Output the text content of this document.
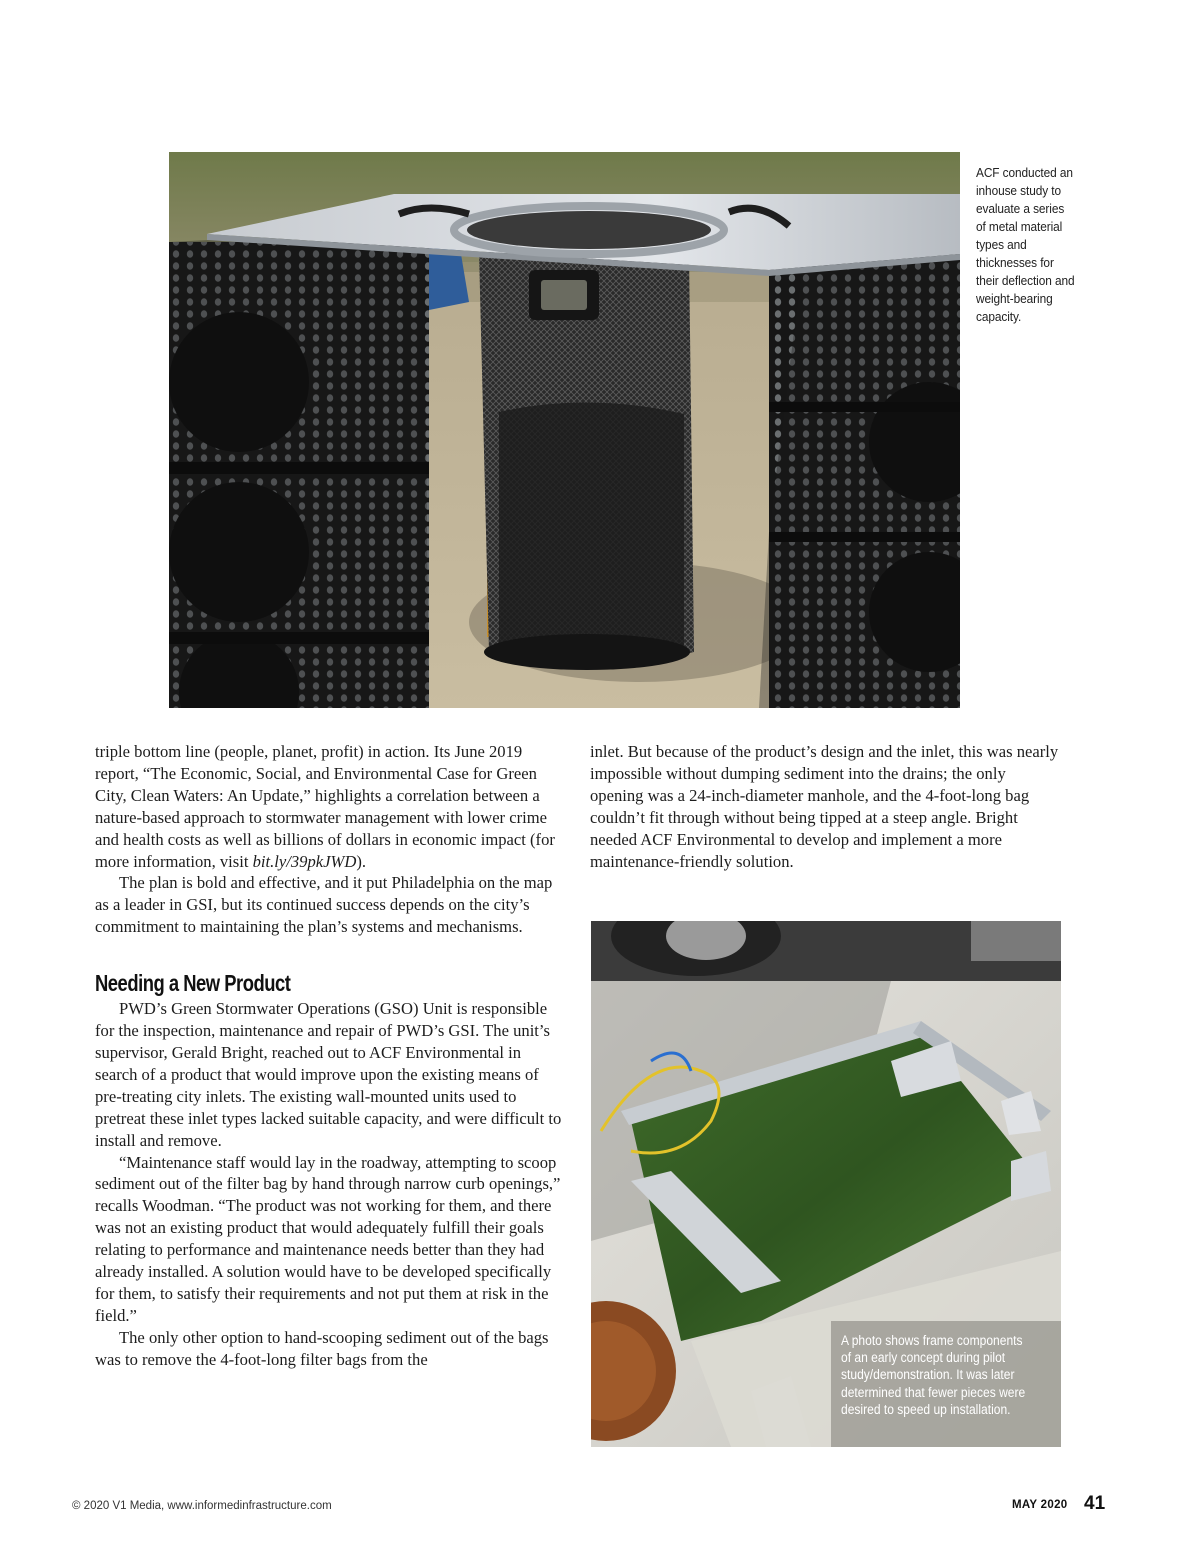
ACF conducted an inhouse study to evaluate a series of metal material types and thicknesses for their deflection and weight-bearing capacity.

triple bottom line (people, planet, profit) in action. Its June 2019 report, “The Economic, Social, and Environmental Case for Green City, Clean Waters: An Update,” highlights a correlation between a nature-based approach to stormwater management with lower crime and health costs as well as billions of dollars in economic impact (for more information, visit bit.ly/39pkJWD).

The plan is bold and effective, and it put Philadelphia on the map as a leader in GSI, but its continued success depends on the city’s commitment to maintaining the plan’s systems and mechanisms.

Needing a New Product

PWD’s Green Stormwater Operations (GSO) Unit is responsible for the inspection, maintenance and repair of PWD’s GSI. The unit’s supervisor, Gerald Bright, reached out to ACF Environmental in search of a product that would improve upon the existing means of pre-treating city inlets. The existing wall-mounted units used to pretreat these inlet types lacked suitable capacity, and were difficult to install and remove.

“Maintenance staff would lay in the roadway, attempting to scoop sediment out of the filter bag by hand through narrow curb openings,” recalls Woodman. “The product was not working for them, and there was not an existing product that would adequately fulfill their goals relating to performance and maintenance needs better than they had already installed. A solution would have to be developed specifically for them, to satisfy their requirements and not put them at risk in the field.”

The only other option to hand-scooping sediment out of the bags was to remove the 4-foot-long filter bags from the

inlet. But because of the product’s design and the inlet, this was nearly impossible without dumping sediment into the drains; the only opening was a 24-inch-diameter manhole, and the 4-foot-long bag couldn’t fit through without being tipped at a steep angle. Bright needed ACF Environmental to develop and implement a more maintenance-friendly solution.

A photo shows frame components of an early concept during pilot study/demonstration. It was later determined that fewer pieces were desired to speed up installation.
© 2020 V1 Media, www.informedinfrastructure.com	MAY 2020 41
